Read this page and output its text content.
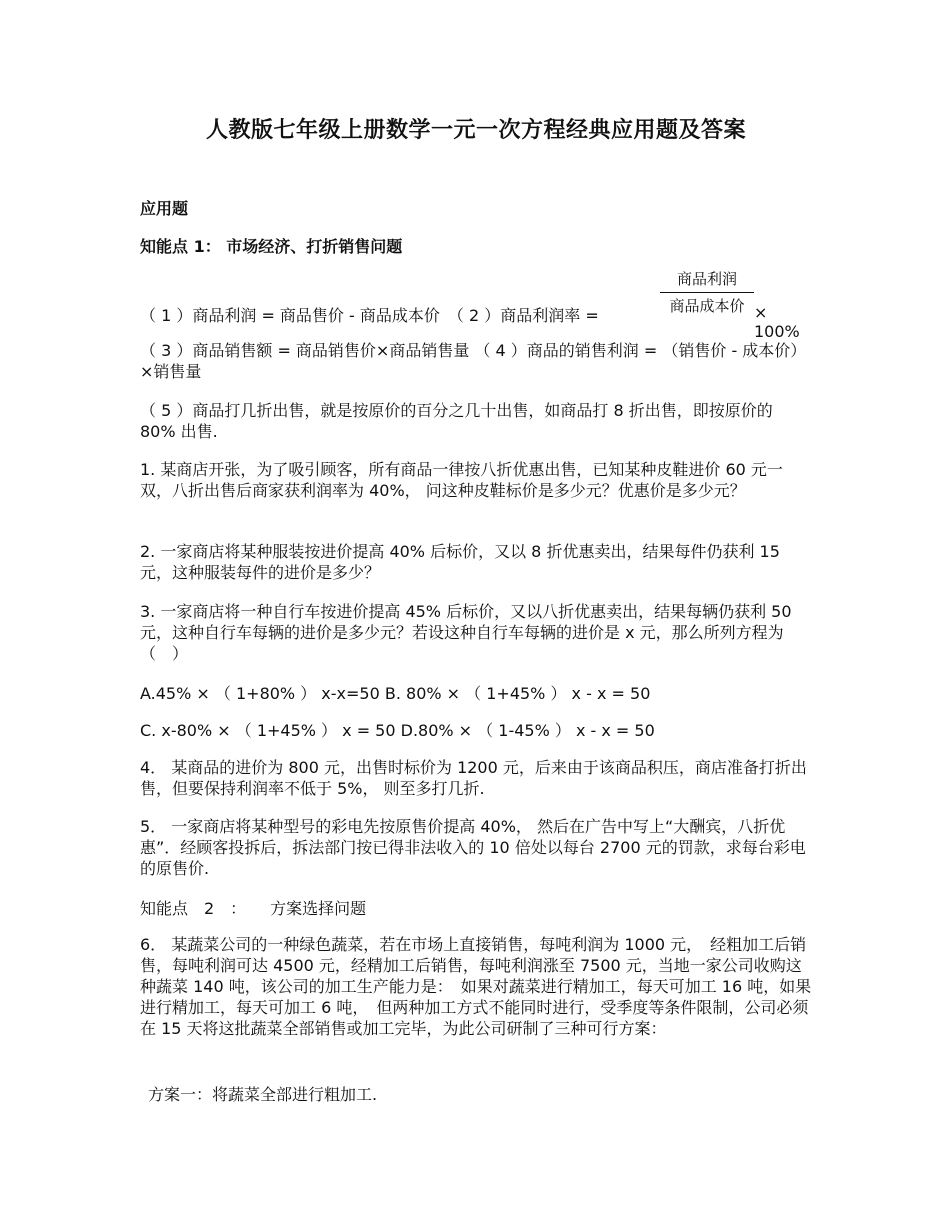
人教版七年级上册数学一元一次方程经典应用题及答案
应用题
知能点 1： 市场经济、打折销售问题
（ 1 ）商品利润 = 商品售价 - 商品成本价　（ 2 ）商品利润率 =
商品利润
商品成本价 × 100%
（ 3 ）商品销售额 = 商品销售价×商品销售量 （ 4 ）商品的销售利润 = （销售价 - 成本价）×销售量
（ 5 ）商品打几折出售，就是按原价的百分之几十出售，如商品打 8 折出售，即按原价的 80% 出售.
1. 某商店开张，为了吸引顾客，所有商品一律按八折优惠出售，已知某种皮鞋进价 60 元一双，八折出售后商家获利润率为 40%， 问这种皮鞋标价是多少元？优惠价是多少元？
2. 一家商店将某种服装按进价提高 40% 后标价，又以 8 折优惠卖出，结果每件仍获利 15 元，这种服装每件的进价是多少？
3. 一家商店将一种自行车按进价提高 45% 后标价，又以八折优惠卖出，结果每辆仍获利 50 元，这种自行车每辆的进价是多少元？若设这种自行车每辆的进价是 x 元，那么所列方程为（　）
A.45% × （ 1+80% ） x-x=50 B. 80% × （ 1+45% ） x - x = 50
C. x-80% × （ 1+45% ） x = 50 D.80% × （ 1-45% ） x - x = 50
4． 某商品的进价为 800 元，出售时标价为 1200 元，后来由于该商品积压，商店准备打折出售，但要保持利润率不低于 5%， 则至多打几折.
5． 一家商店将某种型号的彩电先按原售价提高 40%， 然后在广告中写上“大酬宾，八折优惠”．经顾客投拆后，拆法部门按已得非法收入的 10 倍处以每台 2700 元的罚款，求每台彩电的原售价.
知能点　2　：　　方案选择问题
6． 某蔬菜公司的一种绿色蔬菜，若在市场上直接销售，每吨利润为 1000 元，　经粗加工后销售，每吨利润可达 4500 元，经精加工后销售，每吨利润涨至 7500 元，当地一家公司收购这种蔬菜 140 吨，该公司的加工生产能力是：　如果对蔬菜进行精加工，每天可加工 16 吨，如果进行精加工，每天可加工 6 吨，　但两种加工方式不能同时进行，受季度等条件限制，公司必须在 15 天将这批蔬菜全部销售或加工完毕，为此公司研制了三种可行方案：
方案一：将蔬菜全部进行粗加工.
